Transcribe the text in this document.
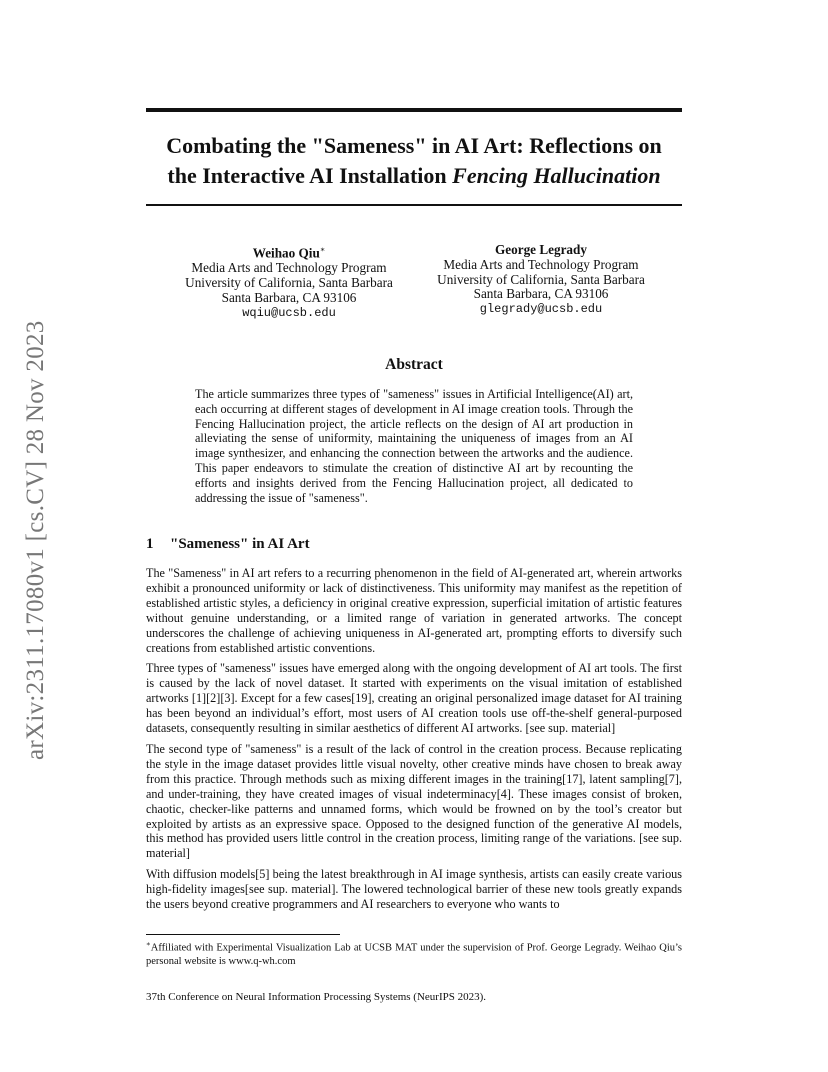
arXiv:2311.17080v1 [cs.CV] 28 Nov 2023
Combating the "Sameness" in AI Art: Reflections on
the Interactive AI Installation Fencing Hallucination
Weihao Qiu∗
Media Arts and Technology Program
University of California, Santa Barbara
Santa Barbara, CA 93106
wqiu@ucsb.edu
George Legrady
Media Arts and Technology Program
University of California, Santa Barbara
Santa Barbara, CA 93106
glegrady@ucsb.edu
Abstract
The article summarizes three types of "sameness" issues in Artificial Intelligence(AI) art, each occurring at different stages of development in AI image creation tools. Through the Fencing Hallucination project, the article reflects on the design of AI art production in alleviating the sense of uniformity, maintaining the uniqueness of images from an AI image synthesizer, and enhancing the connection between the artworks and the audience. This paper endeavors to stimulate the creation of distinctive AI art by recounting the efforts and insights derived from the Fencing Hallucination project, all dedicated to addressing the issue of "sameness".
1 "Sameness" in AI Art

The "Sameness" in AI art refers to a recurring phenomenon in the field of AI-generated art, wherein artworks exhibit a pronounced uniformity or lack of distinctiveness. This uniformity may manifest as the repetition of established artistic styles, a deficiency in original creative expression, superficial imitation of artistic features without genuine understanding, or a limited range of variation in generated artworks. The concept underscores the challenge of achieving uniqueness in AI-generated art, prompting efforts to diversify such creations from established artistic conventions.

Three types of "sameness" issues have emerged along with the ongoing development of AI art tools. The first is caused by the lack of novel dataset. It started with experiments on the visual imitation of established artworks [1][2][3]. Except for a few cases[19], creating an original personalized image dataset for AI training has been beyond an individual’s effort, most users of AI creation tools use off-the-shelf general-purposed datasets, consequently resulting in similar aesthetics of different AI artworks. [see sup. material]

The second type of "sameness" is a result of the lack of control in the creation process. Because replicating the style in the image dataset provides little visual novelty, other creative minds have chosen to break away from this practice. Through methods such as mixing different images in the training[17], latent sampling[7], and under-training, they have created images of visual indeterminacy[4]. These images consist of broken, chaotic, checker-like patterns and unnamed forms, which would be frowned on by the tool’s creator but exploited by artists as an expressive space. Opposed to the designed function of the generative AI models, this method has provided users little control in the creation process, limiting range of the variations. [see sup. material]

With diffusion models[5] being the latest breakthrough in AI image synthesis, artists can easily create various high-fidelity images[see sup. material]. The lowered technological barrier of these new tools greatly expands the users beyond creative programmers and AI researchers to everyone who wants to

∗Affiliated with Experimental Visualization Lab at UCSB MAT under the supervision of Prof. George Legrady. Weihao Qiu’s personal website is www.q-wh.com
37th Conference on Neural Information Processing Systems (NeurIPS 2023).
